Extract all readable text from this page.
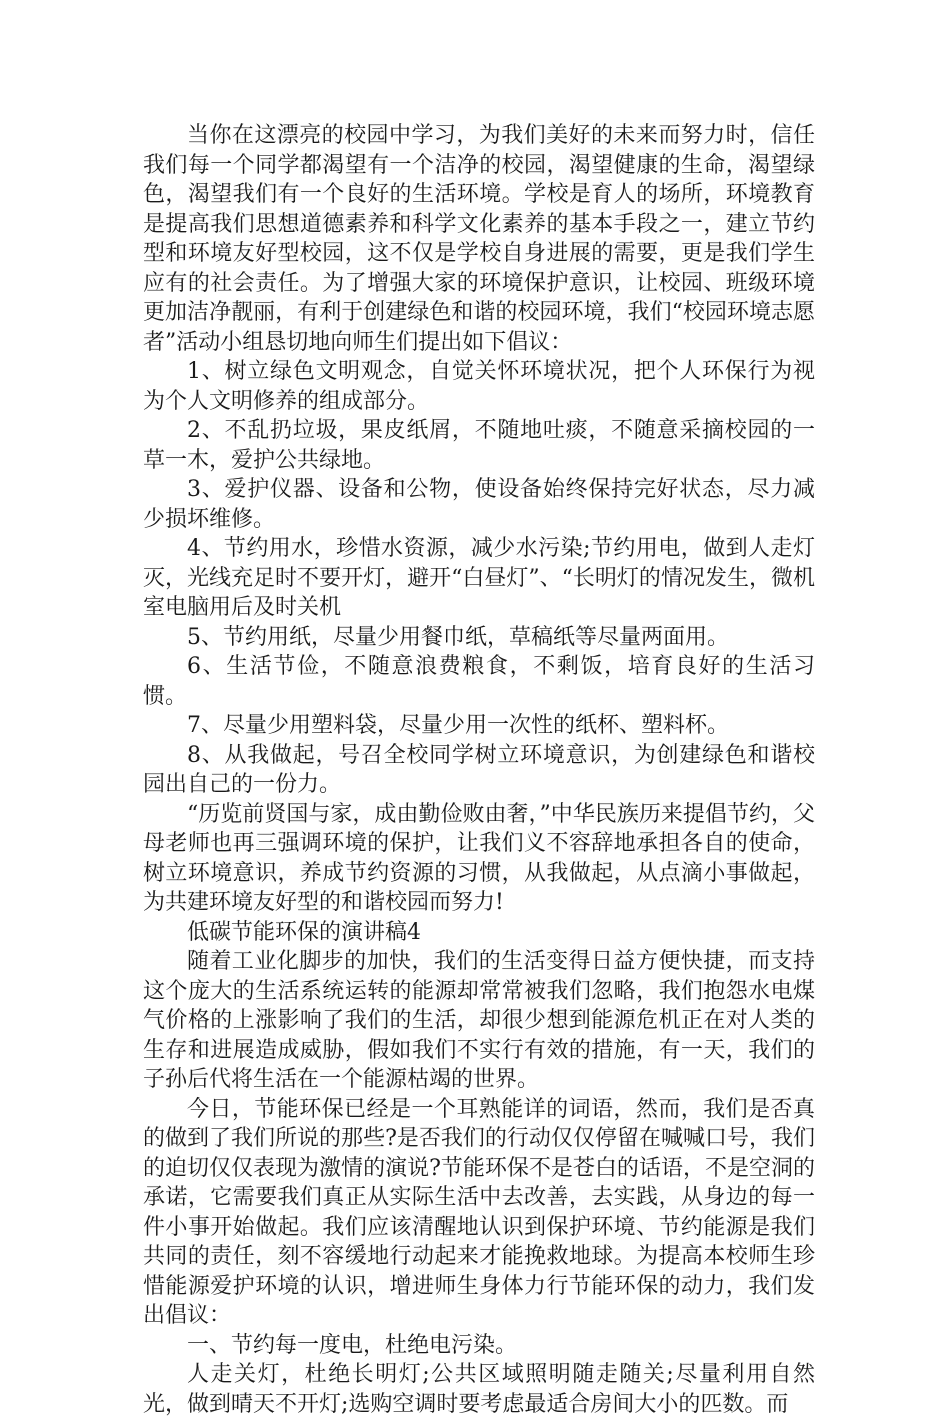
当你在这漂亮的校园中学习，为我们美好的未来而努力时，信任我们每一个同学都渴望有一个洁净的校园，渴望健康的生命，渴望绿色，渴望我们有一个良好的生活环境。学校是育人的场所，环境教育是提高我们思想道德素养和科学文化素养的基本手段之一，建立节约型和环境友好型校园，这不仅是学校自身进展的需要，更是我们学生应有的社会责任。为了增强大家的环境保护意识，让校园、班级环境更加洁净靓丽，有利于创建绿色和谐的校园环境，我们“校园环境志愿者”活动小组恳切地向师生们提出如下倡议：

1、树立绿色文明观念，自觉关怀环境状况，把个人环保行为视为个人文明修养的组成部分。

2、不乱扔垃圾，果皮纸屑，不随地吐痰，不随意采摘校园的一草一木，爱护公共绿地。

3、爱护仪器、设备和公物，使设备始终保持完好状态，尽力减少损坏维修。

4、节约用水，珍惜水资源，减少水污染;节约用电，做到人走灯灭，光线充足时不要开灯，避开“白昼灯”、“长明灯的情况发生，微机室电脑用后及时关机

5、节约用纸，尽量少用餐巾纸，草稿纸等尽量两面用。

6、生活节俭，不随意浪费粮食，不剩饭，培育良好的生活习惯。

7、尽量少用塑料袋，尽量少用一次性的纸杯、塑料杯。

8、从我做起，号召全校同学树立环境意识，为创建绿色和谐校园出自己的一份力。

“历览前贤国与家，成由勤俭败由奢，”中华民族历来提倡节约，父母老师也再三强调环境的保护，让我们义不容辞地承担各自的使命，树立环境意识，养成节约资源的习惯，从我做起，从点滴小事做起，为共建环境友好型的和谐校园而努力!

低碳节能环保的演讲稿4

随着工业化脚步的加快，我们的生活变得日益方便快捷，而支持这个庞大的生活系统运转的能源却常常被我们忽略，我们抱怨水电煤气价格的上涨影响了我们的生活，却很少想到能源危机正在对人类的生存和进展造成威胁，假如我们不实行有效的措施，有一天，我们的子孙后代将生活在一个能源枯竭的世界。

今日，节能环保已经是一个耳熟能详的词语，然而，我们是否真的做到了我们所说的那些?是否我们的行动仅仅停留在喊喊口号，我们的迫切仅仅表现为激情的演说?节能环保不是苍白的话语，不是空洞的承诺，它需要我们真正从实际生活中去改善，去实践，从身边的每一件小事开始做起。我们应该清醒地认识到保护环境、节约能源是我们共同的责任，刻不容缓地行动起来才能挽救地球。为提高本校师生珍惜能源爱护环境的认识，增进师生身体力行节能环保的动力，我们发出倡议：

一、节约每一度电，杜绝电污染。

人走关灯，杜绝长明灯;公共区域照明随走随关;尽量利用自然光，做到晴天不开灯;选购空调时要考虑最适合房间大小的匹数。而
